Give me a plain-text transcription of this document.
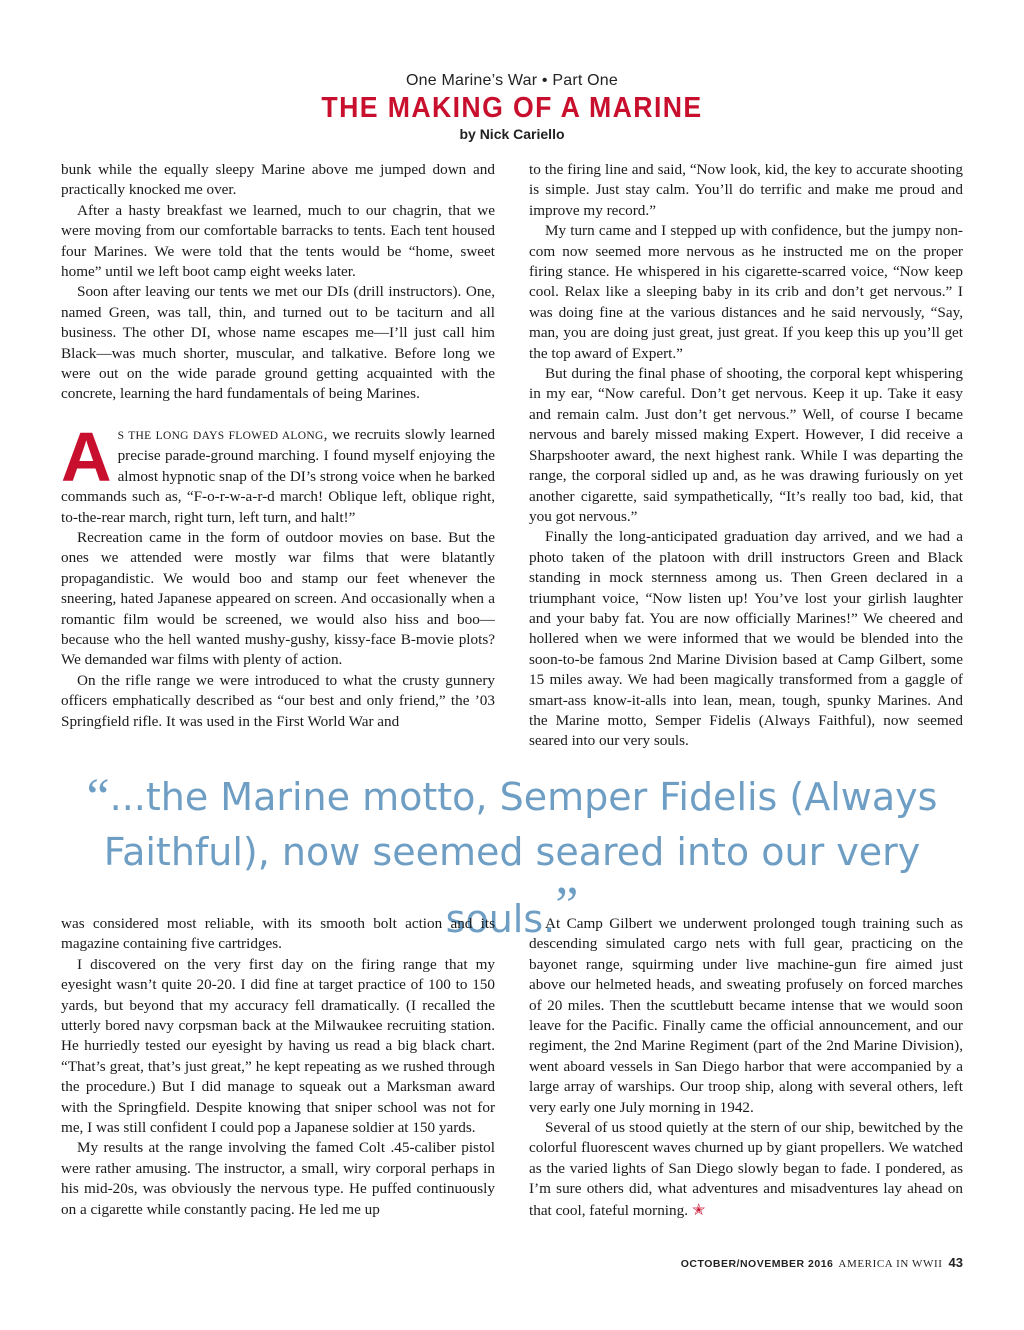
One Marine’s War • Part One
THE MAKING OF A MARINE
by Nick Cariello

bunk while the equally sleepy Marine above me jumped down and practically knocked me over.

After a hasty breakfast we learned, much to our chagrin, that we were moving from our comfortable barracks to tents. Each tent housed four Marines. We were told that the tents would be “home, sweet home” until we left boot camp eight weeks later.

Soon after leaving our tents we met our DIs (drill instructors). One, named Green, was tall, thin, and turned out to be taciturn and all business. The other DI, whose name escapes me—I’ll just call him Black—was much shorter, muscular, and talkative. Before long we were out on the wide parade ground getting acquainted with the concrete, learning the hard fundamentals of being Marines.

AS THE LONG DAYS FLOWED ALONG, we recruits slowly learned precise parade-ground marching. I found myself enjoying the almost hypnotic snap of the DI’s strong voice when he barked commands such as, “F-o-r-w-a-r-d march! Oblique left, oblique right, to-the-rear march, right turn, left turn, and halt!”

Recreation came in the form of outdoor movies on base. But the ones we attended were mostly war films that were blatantly propagandistic. We would boo and stamp our feet whenever the sneering, hated Japanese appeared on screen. And occasionally when a romantic film would be screened, we would also hiss and boo—because who the hell wanted mushy-gushy, kissy-face B-movie plots? We demanded war films with plenty of action.

On the rifle range we were introduced to what the crusty gunnery officers emphatically described as “our best and only friend,” the ’03 Springfield rifle. It was used in the First World War and

to the firing line and said, “Now look, kid, the key to accurate shooting is simple. Just stay calm. You’ll do terrific and make me proud and improve my record.”

My turn came and I stepped up with confidence, but the jumpy non-com now seemed more nervous as he instructed me on the proper firing stance. He whispered in his cigarette-scarred voice, “Now keep cool. Relax like a sleeping baby in its crib and don’t get nervous.” I was doing fine at the various distances and he said nervously, “Say, man, you are doing just great, just great. If you keep this up you’ll get the top award of Expert.”

But during the final phase of shooting, the corporal kept whispering in my ear, “Now careful. Don’t get nervous. Keep it up. Take it easy and remain calm. Just don’t get nervous.” Well, of course I became nervous and barely missed making Expert. However, I did receive a Sharpshooter award, the next highest rank. While I was departing the range, the corporal sidled up and, as he was drawing furiously on yet another cigarette, said sympathetically, “It’s really too bad, kid, that you got nervous.”

Finally the long-anticipated graduation day arrived, and we had a photo taken of the platoon with drill instructors Green and Black standing in mock sternness among us. Then Green declared in a triumphant voice, “Now listen up! You’ve lost your girlish laughter and your baby fat. You are now officially Marines!” We cheered and hollered when we were informed that we would be blended into the soon-to-be famous 2nd Marine Division based at Camp Gilbert, some 15 miles away. We had been magically transformed from a gaggle of smart-ass know-it-alls into lean, mean, tough, spunky Marines. And the Marine motto, Semper Fidelis (Always Faithful), now seemed seared into our very souls.

“...the Marine motto, Semper Fidelis (Always Faithful), now seemed seared into our very souls.”

was considered most reliable, with its smooth bolt action and its magazine containing five cartridges.

I discovered on the very first day on the firing range that my eyesight wasn’t quite 20-20. I did fine at target practice of 100 to 150 yards, but beyond that my accuracy fell dramatically. (I recalled the utterly bored navy corpsman back at the Milwaukee recruiting station. He hurriedly tested our eyesight by having us read a big black chart. “That’s great, that’s just great,” he kept repeating as we rushed through the procedure.) But I did manage to squeak out a Marksman award with the Springfield. Despite knowing that sniper school was not for me, I was still confident I could pop a Japanese soldier at 150 yards.

My results at the range involving the famed Colt .45-caliber pistol were rather amusing. The instructor, a small, wiry corporal perhaps in his mid-20s, was obviously the nervous type. He puffed continuously on a cigarette while constantly pacing. He led me up

At Camp Gilbert we underwent prolonged tough training such as descending simulated cargo nets with full gear, practicing on the bayonet range, squirming under live machine-gun fire aimed just above our helmeted heads, and sweating profusely on forced marches of 20 miles. Then the scuttlebutt became intense that we would soon leave for the Pacific. Finally came the official announcement, and our regiment, the 2nd Marine Regiment (part of the 2nd Marine Division), went aboard vessels in San Diego harbor that were accompanied by a large array of warships. Our troop ship, along with several others, left very early one July morning in 1942.

Several of us stood quietly at the stern of our ship, bewitched by the colorful fluorescent waves churned up by giant propellers. We watched as the varied lights of San Diego slowly began to fade. I pondered, as I’m sure others did, what adventures and misadventures lay ahead on that cool, fateful morning. ✭

OCTOBER/NOVEMBER 2016 AMERICA IN WWII 43
